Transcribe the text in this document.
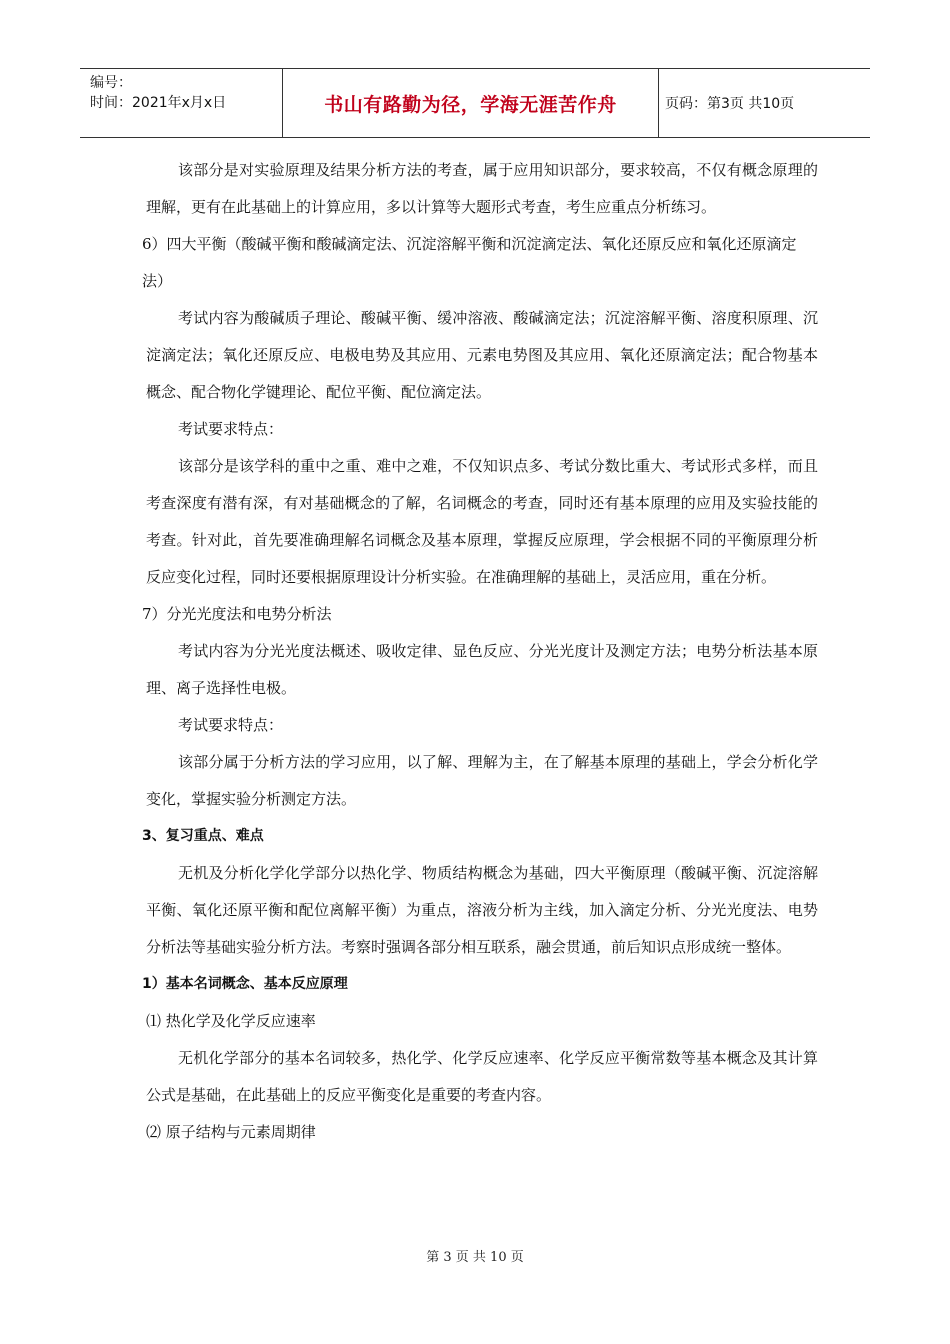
编号：
时间：2021年x月x日	书山有路勤为径，学海无涯苦作舟	页码：第3页 共10页

该部分是对实验原理及结果分析方法的考查，属于应用知识部分，要求较高，不仅有概念原理的理解，更有在此基础上的计算应用，多以计算等大题形式考查，考生应重点分析练习。

6）四大平衡（酸碱平衡和酸碱滴定法、沉淀溶解平衡和沉淀滴定法、氧化还原反应和氧化还原滴定法）

考试内容为酸碱质子理论、酸碱平衡、缓冲溶液、酸碱滴定法；沉淀溶解平衡、溶度积原理、沉淀滴定法；氧化还原反应、电极电势及其应用、元素电势图及其应用、氧化还原滴定法；配合物基本概念、配合物化学键理论、配位平衡、配位滴定法。

考试要求特点：

该部分是该学科的重中之重、难中之难，不仅知识点多、考试分数比重大、考试形式多样，而且考查深度有潜有深，有对基础概念的了解，名词概念的考查，同时还有基本原理的应用及实验技能的考查。针对此，首先要准确理解名词概念及基本原理，掌握反应原理，学会根据不同的平衡原理分析反应变化过程，同时还要根据原理设计分析实验。在准确理解的基础上，灵活应用，重在分析。

7）分光光度法和电势分析法

考试内容为分光光度法概述、吸收定律、显色反应、分光光度计及测定方法；电势分析法基本原理、离子选择性电极。

考试要求特点：

该部分属于分析方法的学习应用，以了解、理解为主，在了解基本原理的基础上，学会分析化学变化，掌握实验分析测定方法。

3、复习重点、难点

无机及分析化学化学部分以热化学、物质结构概念为基础，四大平衡原理（酸碱平衡、沉淀溶解平衡、氧化还原平衡和配位离解平衡）为重点，溶液分析为主线，加入滴定分析、分光光度法、电势分析法等基础实验分析方法。考察时强调各部分相互联系，融会贯通，前后知识点形成统一整体。

1）基本名词概念、基本反应原理

⑴ 热化学及化学反应速率

无机化学部分的基本名词较多，热化学、化学反应速率、化学反应平衡常数等基本概念及其计算公式是基础，在此基础上的反应平衡变化是重要的考查内容。

⑵ 原子结构与元素周期律

第 3 页 共 10 页
